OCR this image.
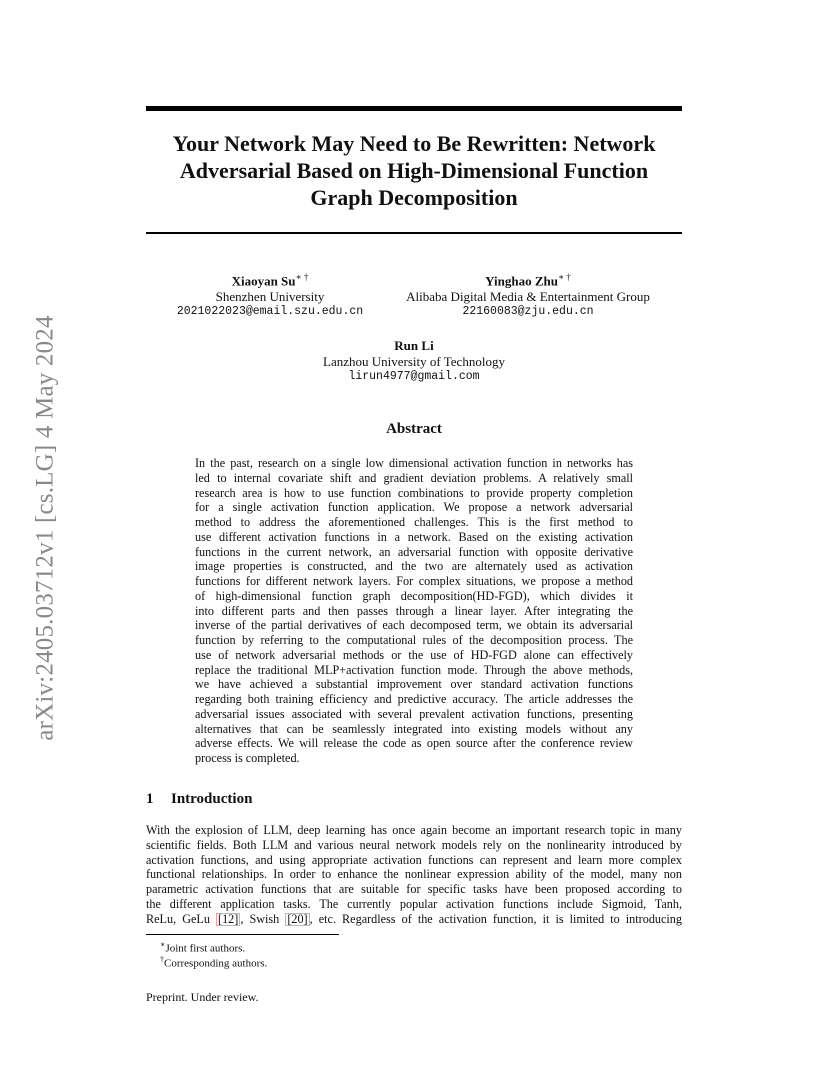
arXiv:2405.03712v1 [cs.LG] 4 May 2024
Your Network May Need to Be Rewritten: Network
Adversarial Based on High-Dimensional Function
Graph Decomposition
Xiaoyan Su∗ †
Shenzhen University
2021022023@email.szu.edu.cn
Yinghao Zhu∗ †
Alibaba Digital Media & Entertainment Group
22160083@zju.edu.cn
Run Li
Lanzhou University of Technology
lirun4977@gmail.com
Abstract
In the past, research on a single low dimensional activation function in networks has
led to internal covariate shift and gradient deviation problems. A relatively small
research area is how to use function combinations to provide property completion
for a single activation function application. We propose a network adversarial
method to address the aforementioned challenges. This is the first method to
use different activation functions in a network. Based on the existing activation
functions in the current network, an adversarial function with opposite derivative
image properties is constructed, and the two are alternately used as activation
functions for different network layers. For complex situations, we propose a method
of high-dimensional function graph decomposition(HD-FGD), which divides it
into different parts and then passes through a linear layer. After integrating the
inverse of the partial derivatives of each decomposed term, we obtain its adversarial
function by referring to the computational rules of the decomposition process. The
use of network adversarial methods or the use of HD-FGD alone can effectively
replace the traditional MLP+activation function mode. Through the above methods,
we have achieved a substantial improvement over standard activation functions
regarding both training efficiency and predictive accuracy. The article addresses the
adversarial issues associated with several prevalent activation functions, presenting
alternatives that can be seamlessly integrated into existing models without any
adverse effects. We will release the code as open source after the conference review
process is completed.
1 Introduction
With the explosion of LLM, deep learning has once again become an important research topic in many
scientific fields. Both LLM and various neural network models rely on the nonlinearity introduced by
activation functions, and using appropriate activation functions can represent and learn more complex
functional relationships. In order to enhance the nonlinear expression ability of the model, many non
parametric activation functions that are suitable for specific tasks have been proposed according to
the different application tasks. The currently popular activation functions include Sigmoid, Tanh,
ReLu, GeLu [12] , Swish [20] , etc. Regardless of the activation function, it is limited to introducing
∗Joint first authors.
†Corresponding authors.
Preprint. Under review.
